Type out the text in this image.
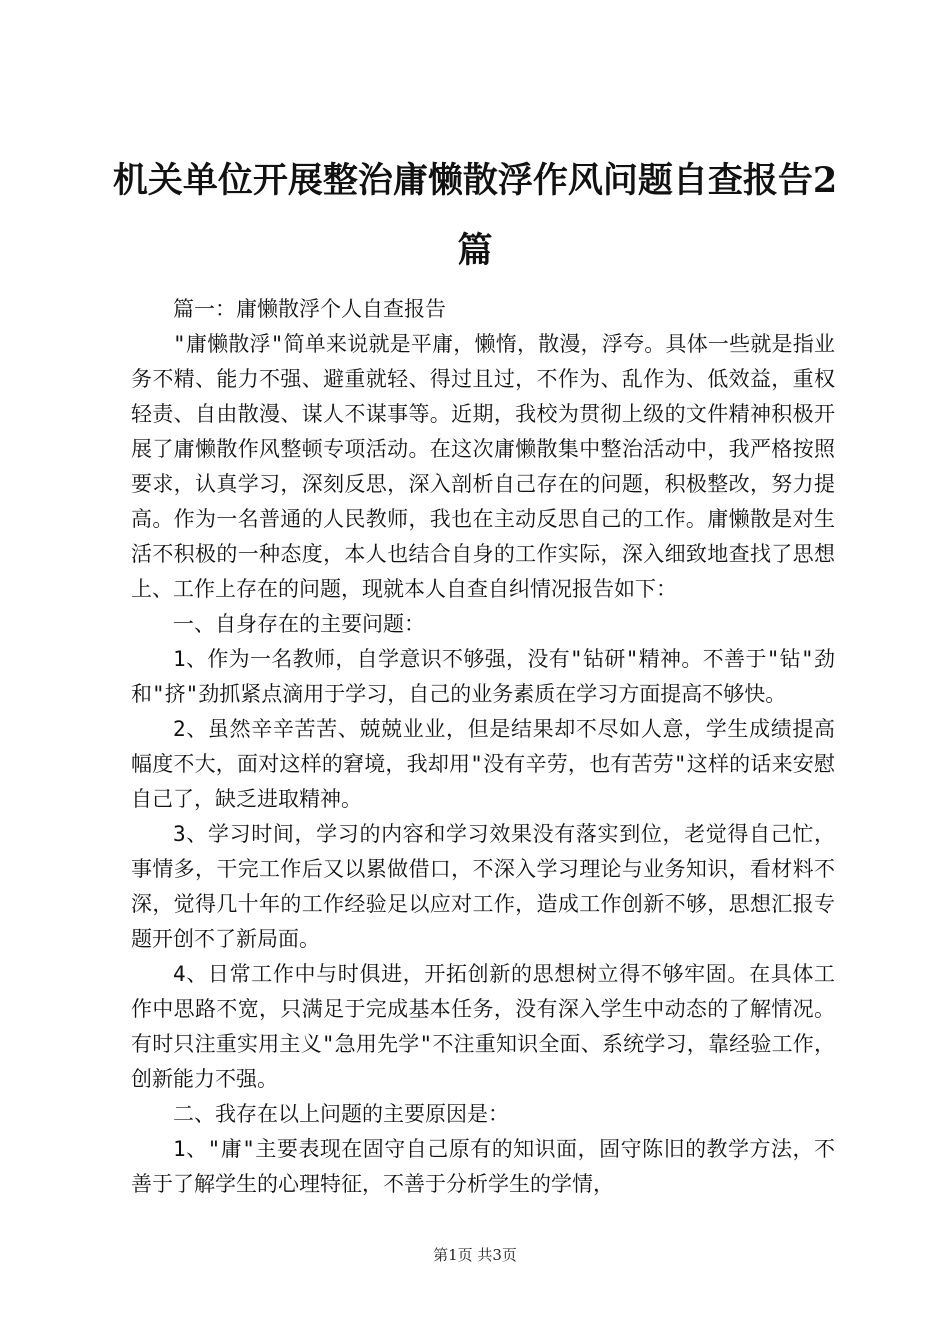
机关单位开展整治庸懒散浮作风问题自查报告2篇

篇一：庸懒散浮个人自查报告

"庸懒散浮"简单来说就是平庸，懒惰，散漫，浮夸。具体一些就是指业务不精、能力不强、避重就轻、得过且过，不作为、乱作为、低效益，重权轻责、自由散漫、谋人不谋事等。近期，我校为贯彻上级的文件精神积极开展了庸懒散作风整顿专项活动。在这次庸懒散集中整治活动中，我严格按照要求，认真学习，深刻反思，深入剖析自己存在的问题，积极整改，努力提高。作为一名普通的人民教师，我也在主动反思自己的工作。庸懒散是对生活不积极的一种态度，本人也结合自身的工作实际，深入细致地查找了思想上、工作上存在的问题，现就本人自查自纠情况报告如下：

一、自身存在的主要问题：

1、作为一名教师，自学意识不够强，没有"钻研"精神。不善于"钻"劲和"挤"劲抓紧点滴用于学习，自己的业务素质在学习方面提高不够快。

2、虽然辛辛苦苦、兢兢业业，但是结果却不尽如人意，学生成绩提高幅度不大，面对这样的窘境，我却用"没有辛劳，也有苦劳"这样的话来安慰自己了，缺乏进取精神。

3、学习时间，学习的内容和学习效果没有落实到位，老觉得自己忙，事情多，干完工作后又以累做借口，不深入学习理论与业务知识，看材料不深，觉得几十年的工作经验足以应对工作，造成工作创新不够，思想汇报专题开创不了新局面。

4、日常工作中与时俱进，开拓创新的思想树立得不够牢固。在具体工作中思路不宽，只满足于完成基本任务，没有深入学生中动态的了解情况。有时只注重实用主义"急用先学"不注重知识全面、系统学习，靠经验工作，创新能力不强。

二、我存在以上问题的主要原因是：

1、"庸"主要表现在固守自己原有的知识面，固守陈旧的教学方法，不善于了解学生的心理特征，不善于分析学生的学情，

第1页 共3页
